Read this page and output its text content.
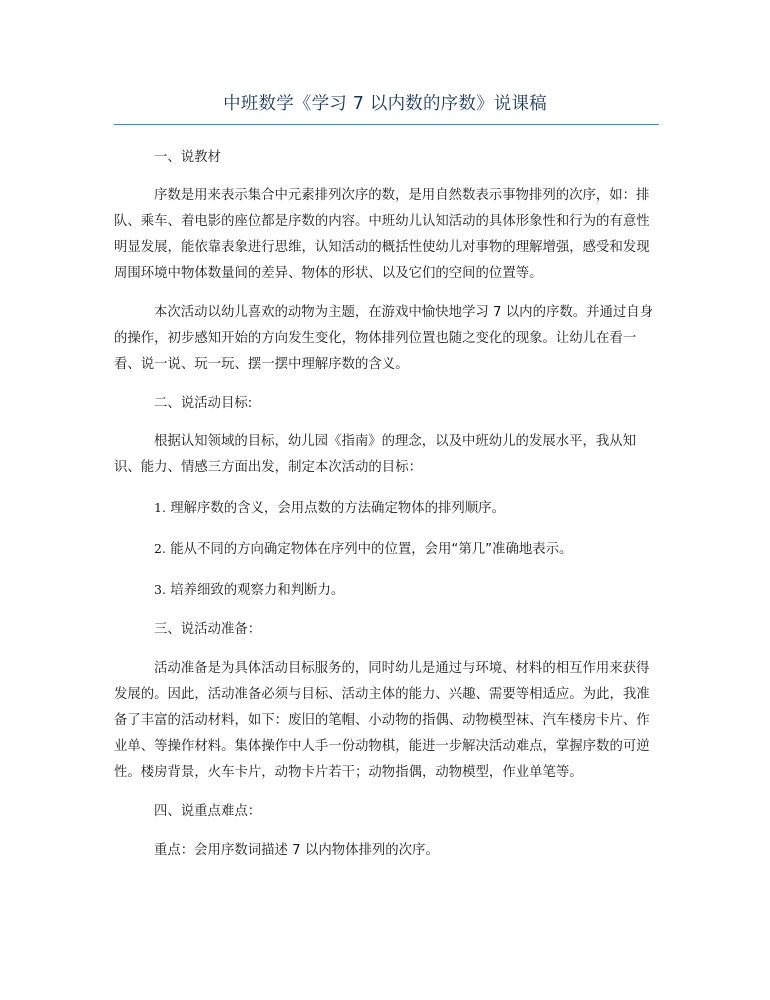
中班数学《学习 7 以内数的序数》说课稿

一、说教材

序数是用来表示集合中元素排列次序的数，是用自然数表示事物排列的次序，如：排队、乘车、着电影的座位都是序数的内容。中班幼儿认知活动的具体形象性和行为的有意性明显发展，能依靠表象进行思维，认知活动的概括性使幼儿对事物的理解增强，感受和发现周围环境中物体数量间的差异、物体的形状、以及它们的空间的位置等。

本次活动以幼儿喜欢的动物为主题，在游戏中愉快地学习 7 以内的序数。并通过自身的操作，初步感知开始的方向发生变化，物体排列位置也随之变化的现象。让幼儿在看一看、说一说、玩一玩、摆一摆中理解序数的含义。

二、说活动目标:

根据认知领域的目标，幼儿园《指南》的理念，以及中班幼儿的发展水平，我从知识、能力、情感三方面出发，制定本次活动的目标：

1. 理解序数的含义，会用点数的方法确定物体的排列顺序。

2. 能从不同的方向确定物体在序列中的位置，会用“第几”准确地表示。

3. 培养细致的观察力和判断力。

三、说活动准备：

活动准备是为具体活动目标服务的，同时幼儿是通过与环境、材料的相互作用来获得发展的。因此，活动准备必须与目标、活动主体的能力、兴趣、需要等相适应。为此，我准备了丰富的活动材料，如下：废旧的笔帽、小动物的指偶、动物模型袜、汽车楼房卡片、作业单、等操作材料。集体操作中人手一份动物棋，能进一步解决活动难点，掌握序数的可逆性。楼房背景，火车卡片，动物卡片若干；动物指偶，动物模型，作业单笔等。

四、说重点难点：

重点：会用序数词描述 7 以内物体排列的次序。
